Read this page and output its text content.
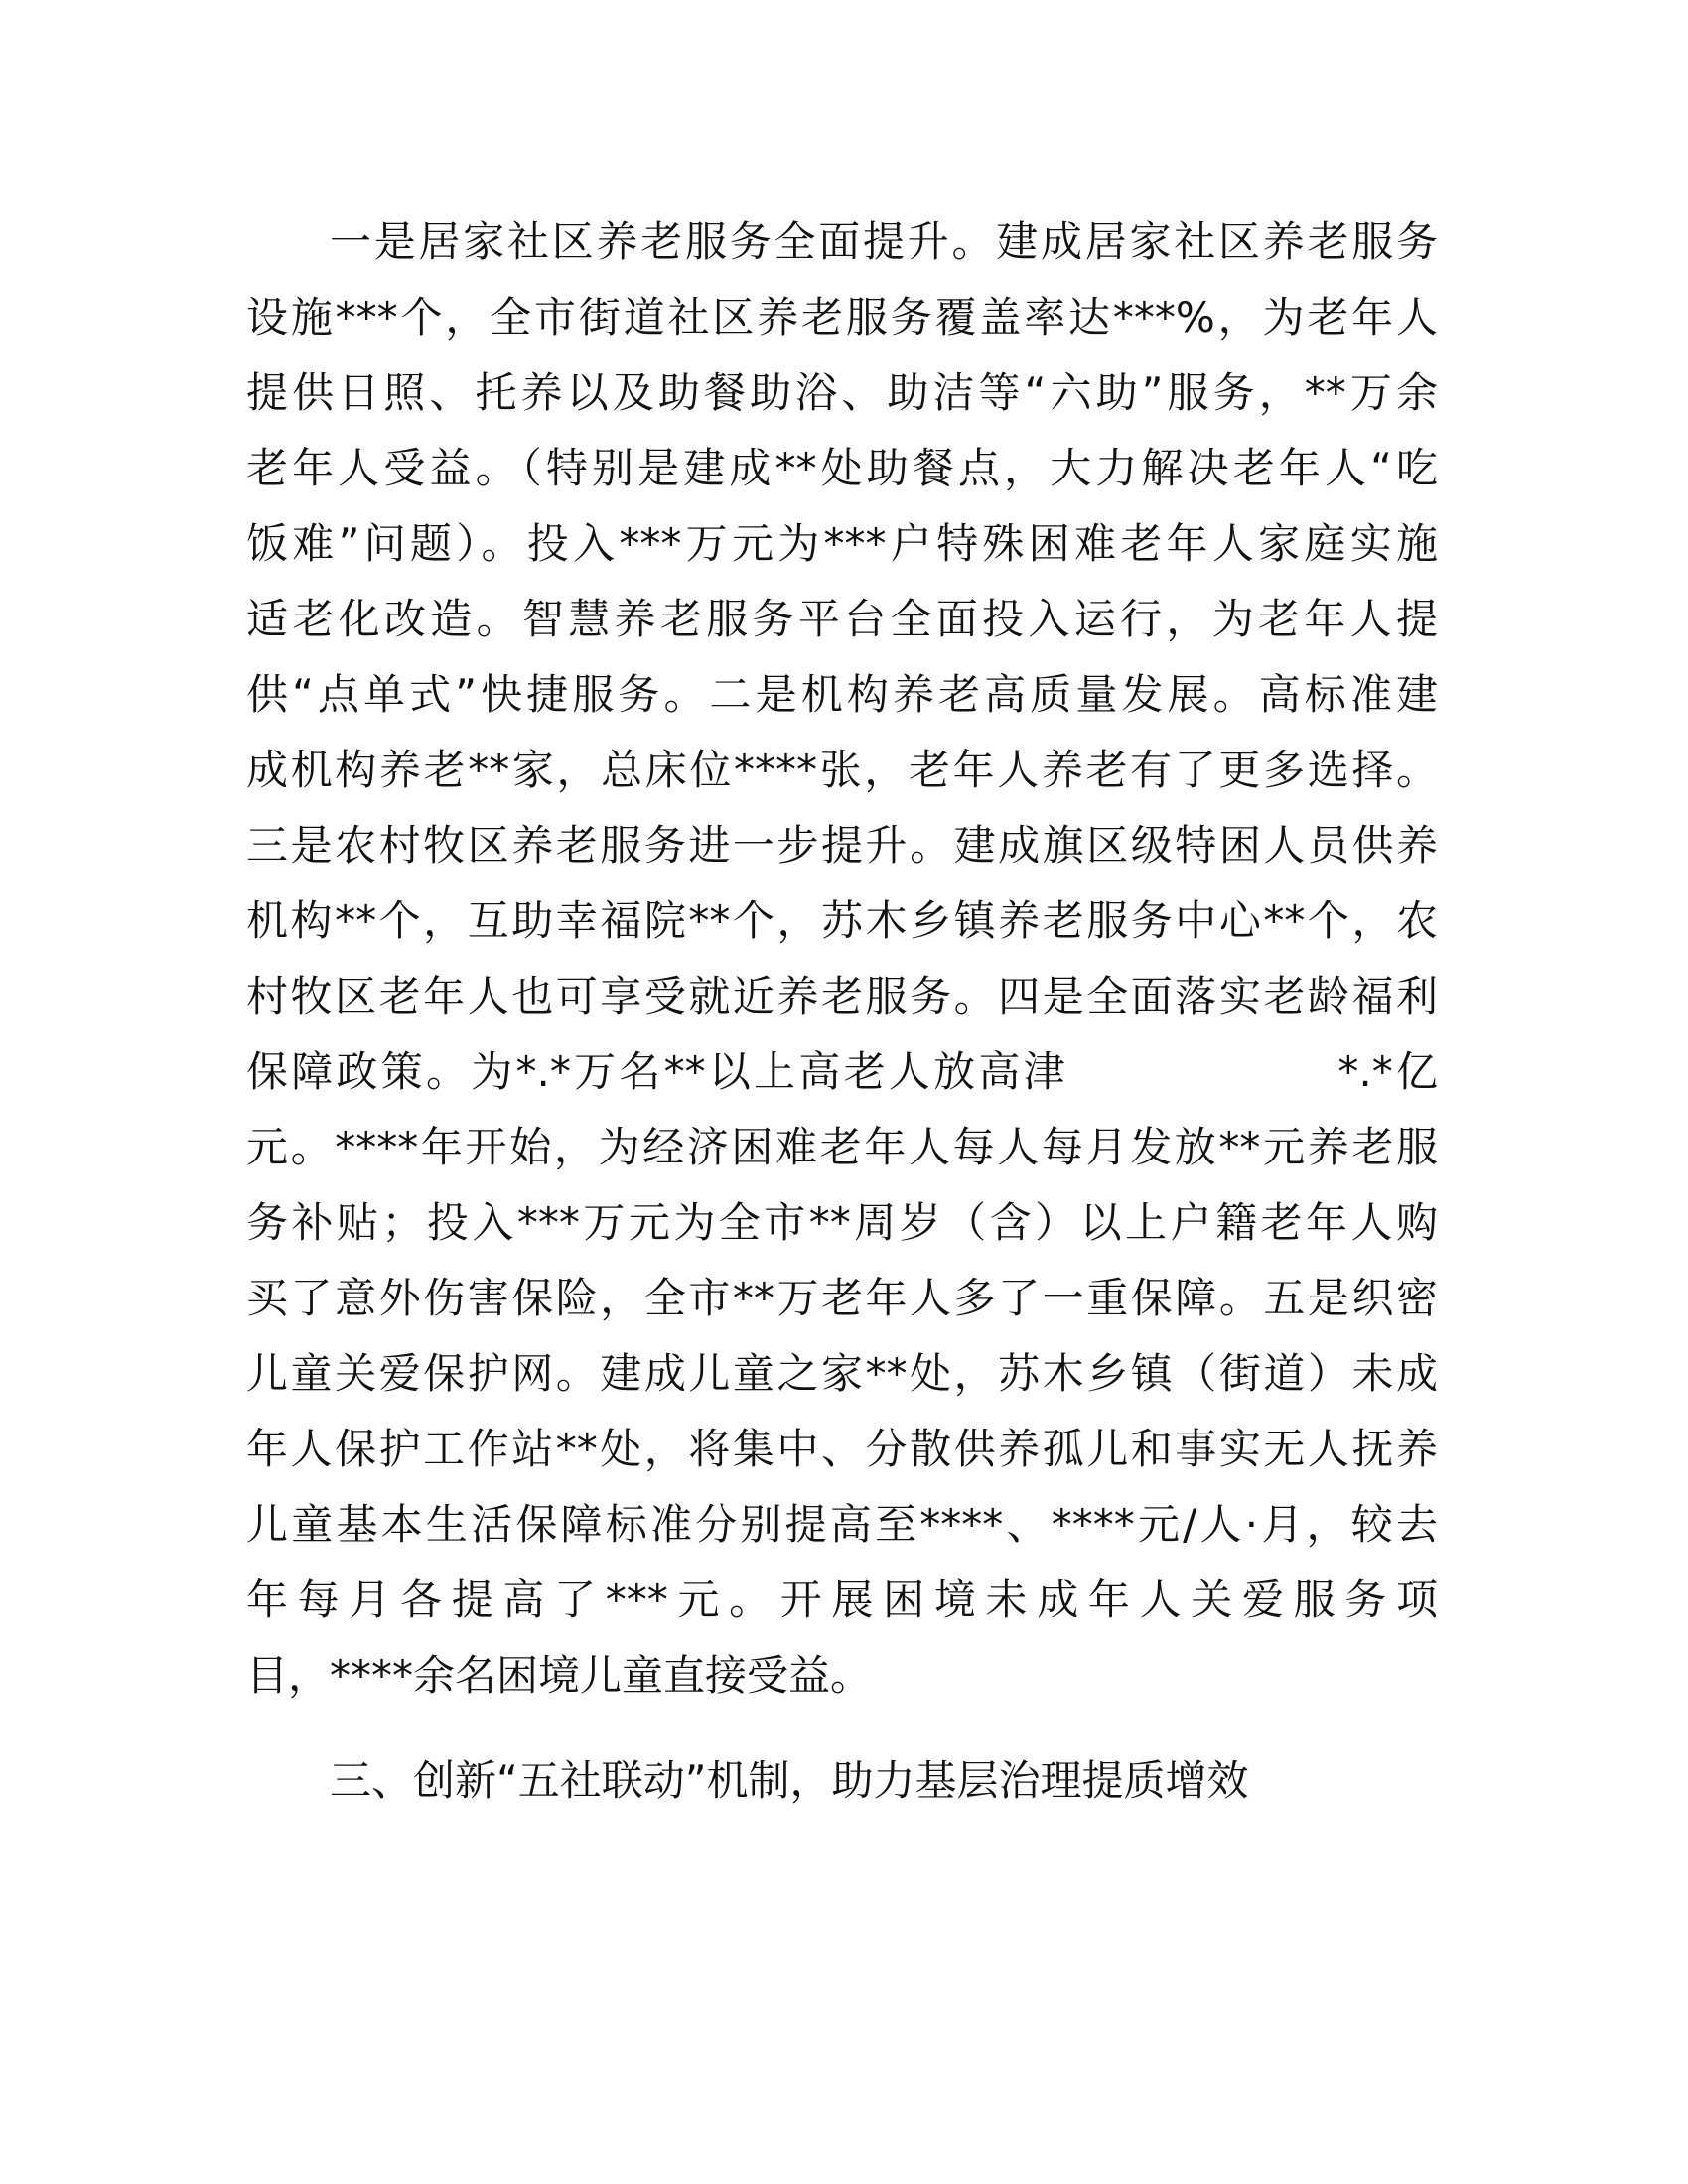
一是居家社区养老服务全面提升。建成居家社区养老服务
设施***个，全市街道社区养老服务覆盖率达***%，为老年人
提供日照、托养以及助餐助浴、助洁等“六助”服务，**万余
老年人受益。（特别是建成**处助餐点，大力解决老年人“吃
饭难”问题）。投入***万元为***户特殊困难老年人家庭实施
适老化改造。智慧养老服务平台全面投入运行，为老年人提
供“点单式”快捷服务。二是机构养老高质量发展。高标准建
成机构养老**家，总床位****张，老年人养老有了更多选择。
三是农村牧区养老服务进一步提升。建成旗区级特困人员供养
机构**个，互助幸福院**个，苏木乡镇养老服务中心**个，农
村牧区老年人也可享受就近养老服务。四是全面落实老龄福利
保障政策。为*.*万名**以上高老人放高津　　　　　　*.*亿
元。****年开始，为经济困难老年人每人每月发放**元养老服
务补贴；投入***万元为全市**周岁（含）以上户籍老年人购
买了意外伤害保险，全市**万老年人多了一重保障。五是织密
儿童关爱保护网。建成儿童之家**处，苏木乡镇（街道）未成
年人保护工作站**处，将集中、分散供养孤儿和事实无人抚养
儿童基本生活保障标准分别提高至****、****元/人·月，较去
年每月各提高了***元。开展困境未成年人关爱服务项
目，****余名困境儿童直接受益。
三、创新“五社联动”机制，助力基层治理提质增效
